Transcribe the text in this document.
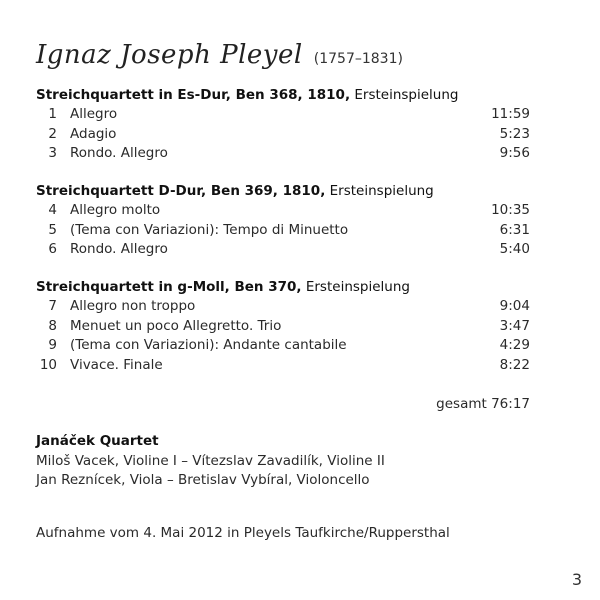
Ignaz Joseph Pleyel (1757–1831)
Streichquartett in Es-Dur, Ben 368, 1810, Ersteinspielung
1 Allegro	11:59
2 Adagio	5:23
3 Rondo. Allegro	9:56
Streichquartett D-Dur, Ben 369, 1810, Ersteinspielung
4 Allegro molto	10:35
5 (Tema con Variazioni): Tempo di Minuetto	6:31
6 Rondo. Allegro	5:40
Streichquartett in g-Moll, Ben 370, Ersteinspielung
7 Allegro non troppo	9:04
8 Menuet un poco Allegretto. Trio	3:47
9 (Tema con Variazioni): Andante cantabile	4:29
10 Vivace. Finale	8:22
gesamt 76:17
Janáček Quartet
Miloš Vacek, Violine I – Vítezslav Zavadilík, Violine II
Jan Reznícek, Viola – Bretislav Vybíral, Violoncello
Aufnahme vom 4. Mai 2012 in Pleyels Taufkirche/Ruppersthal
3
